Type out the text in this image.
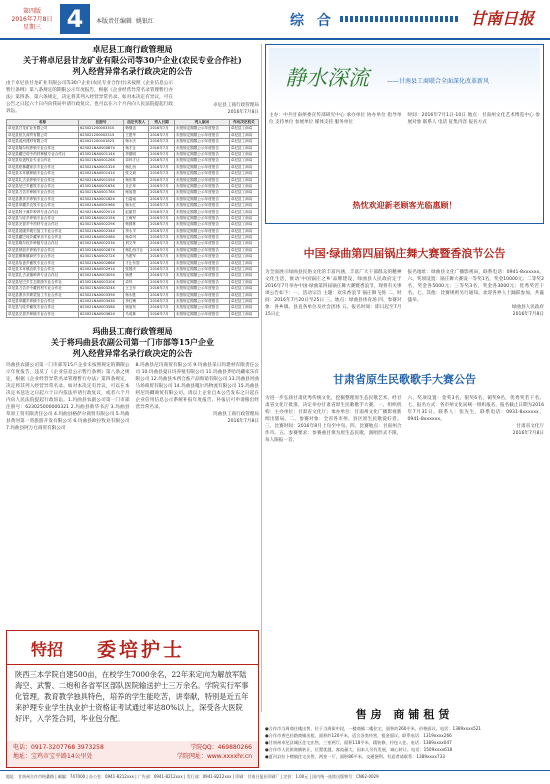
第四版
2016年7月8日
星期三	4	本版责任编辑 姚银红	综 合	甘南日报
卓尼县工商行政管理局
关于将卓尼县甘龙矿业有限公司等30户企业(农民专业合作社)
列入经营异常名录行政决定的公告
由于卓尼县甘龙矿业有限公司等30户企业(农民专业合作社)未按照《企业信息公示暂行条例》第八条规定的期限公示年度报告，根据《企业经营异常名录管理暂行办法》第四条、第六条规定，决定将其列入经营异常名录。如对本决定有异议，可在公告之日起六十日内向我局申请行政复议，也可以在六个月内向人民法院提起行政诉讼。
卓尼县工商行政管理局
2016年7月8日
名称	注册号	法定代表人	列入日期	列入原因	作出决定机关
卓尼县甘龙矿业有限公司	623021200003310	韩继忠	2016年7月	未按规定期限公示年度报告	卓尼县工商局
卓尼县恒久商贸有限公司	623021200002515	王建华	2016年7月	未按规定期限公示年度报告	卓尼县工商局
卓尼县洮河建材有限公司	623021200001823	杨永庆	2016年7月	未按规定期限公示年度报告	卓尼县工商局
卓尼县喀尔钦养殖专业合作社	623021NA000087X	杨才让	2016年7月	未按规定期限公示年度报告	卓尼县工商局
卓尼县藏巴哇中药材种植专业合作社	623021NA000114X	李德明	2016年7月	未按规定期限公示年度报告	卓尼县工商局
卓尼县恰盖牧业专业合作社	623021NA000126X	卓玛才让	2016年7月	未按规定期限公示年度报告	卓尼县工商局
卓尼县柏林藏家乐专业合作社	623021NA000132X	杨扎西	2016年7月	未按规定期限公示年度报告	卓尼县工商局
卓尼县木耳镇种植专业合作社	623021NA000141X	张文斌	2016年7月	未按规定期限公示年度报告	卓尼县工商局
卓尼县扎古录养殖专业合作社	623021NA000155X	杨东珠	2016年7月	未按规定期限公示年度报告	卓尼县工商局
卓尼县尼巴乡畜牧专业合作社	623021NA000163X	旦正草	2016年7月	未按规定期限公示年度报告	卓尼县工商局
卓尼县刀告乡种植专业合作社	623021NA000178X	杨加措	2016年7月	未按规定期限公示年度报告	卓尼县工商局
卓尼县康多乡养殖专业合作社	623021NA000182X	石索南	2016年7月	未按规定期限公示年度报告	卓尼县工商局
卓尼县申藏乡农牧专业合作社	623021NA000196X	杨永红	2016年7月	未按规定期限公示年度报告	卓尼县工商局
卓尼县阿子滩乡种养专业合作社	623021NA000201X	赵丽君	2016年7月	未按规定期限公示年度报告	卓尼县工商局
卓尼县勺哇乡养殖专业合作社	623021NA000215X	王海军	2016年7月	未按规定期限公示年度报告	卓尼县工商局
卓尼县完冒乡中药材专业合作社	623021NA000229X	杨国栋	2016年7月	未按规定期限公示年度报告	卓尼县工商局
卓尼县洮砚乡砚石加工专业合作社	623021NA000234X	李永平	2016年7月	未按规定期限公示年度报告	卓尼县工商局
卓尼县藏巴哇乡藏家乐专业合作社	623021NA000248X	杨卓玛	2016年7月	未按规定期限公示年度报告	卓尼县工商局
卓尼县喀尔钦乡种植专业合作社	623021NA000253X	刘文华	2016年7月	未按规定期限公示年度报告	卓尼县工商局
卓尼县纳浪乡养殖专业合作社	623021NA000267X	杨扎西才让	2016年7月	未按规定期限公示年度报告	卓尼县工商局
卓尼县柳林镇商贸专业合作社	623021NA000272X	马建军	2016年7月	未按规定期限公示年度报告	卓尼县工商局
卓尼县恰盖乡畜牧专业合作社	623021NA000286X	才让东智	2016年7月	未按规定期限公示年度报告	卓尼县工商局
卓尼县木耳镇农机专业合作社	623021NA000291X	张国庆	2016年7月	未按规定期限公示年度报告	卓尼县工商局
卓尼县扎古录镇种养专业合作社	623021NA000305X	杨勇	2016年7月	未按规定期限公示年度报告	卓尼县工商局
卓尼县尼巴乡生态旅游专业合作社	623021NA000310X	卓玛	2016年7月	未按规定期限公示年度报告	卓尼县工商局
卓尼县刀告乡中藏药材专业合作社	623021NA000324X	王卫东	2016年7月	未按规定期限公示年度报告	卓尼县工商局
卓尼县康多乡蕨菜加工专业合作社	623021NA000339X	杨永胜	2016年7月	未按规定期限公示年度报告	卓尼县工商局
卓尼县申藏乡养蜂专业合作社	623021NA000343X	李红梅	2016年7月	未按规定期限公示年度报告	卓尼县工商局
卓尼县勺哇乡畜牧专业合作社	623021NA000358X	杨加布	2016年7月	未按规定期限公示年度报告	卓尼县工商局
卓尼县完冒乡种植专业合作社	623021NA000362X	马成林	2016年7月	未按规定期限公示年度报告	卓尼县工商局
玛曲县工商行政管理局
关于将玛曲县农副公司第一门市部等15户企业
列入经营异常名录行政决定的公告
玛曲县农副公司第一门市部等15户企业未按照规定的期限公示年度报告，违反了《企业信息公示暂行条例》第八条之规定，根据《企业经营异常名录管理暂行办法》第四条规定，决定将其列入经营异常名录。如对本决定有异议，可以在本决定书送达之日起六十日内依法申请行政复议，或者六个月内向人民法院提起行政诉讼。1.玛曲县农副公司第一门市部 注册号：623025000000321 2.玛曲县新华书店 3.玛曲县草原工贸有限责任公司 4.玛曲县格萨尔商贸有限公司 5.玛曲县黄河第一湾旅游开发有限公司 6.玛曲县欧拉牧业有限公司 7.玛曲县阿万仓商贸有限公司
8.玛曲县尼玛商贸有限公司 9.玛曲县采日玛建材有限责任公司 10.玛曲县曼日玛养殖有限公司 11.玛曲县齐哈玛藏家乐有限公司 12.玛曲县木西合畜产品购销有限公司 13.玛曲县河曲马场商贸有限公司 14.玛曲县嘎尔玛物流有限公司 15.玛曲县阿尼玛卿商贸有限公司。请以上企业自本公告发布之日起在企业信用信息公示系统补报年度报告，补报后可申请移出经营异常名录。
玛曲县工商行政管理局
2016年7月8日
特招 委培护士
陕西三本学院自建500亩，在校学生7000余名，22年来定向为解放军陆海空、武警、二炮和各省军区部队医院输送护士三万余名。学院实行军事化管理，教育教学独具特色，培养的学生能吃苦，讲奉献，特别是近五年来护理专业学生执业护士资格证考试通过率达80%以上，深受各大医院好评，入学签合同，毕业包分配。
电话：0917-3207768 3973258	学院QQ：469880266
地址：宝鸡市宝平路14公里处	学院网址：www.xxxxhr.cn
静水深流	——甘南县工商联合全面深化改革新风
主办：中共甘南州委宣传部研究中心 承办单位 协办单位 指导单位 支持单位 参展单位 媒体支持 服务单位
时间：2016年7月1日-10日 地点：甘南州文化艺术博览中心 参展对象 联系人 电话 征集内容 报名方式
热忱欢迎新老顾客光临惠顾！
中国·绿曲第四届锅庄舞大赛暨香浪节公告
为全面展示绿曲县民俗文化的丰富内涵，丰富广大干部群众的精神文化生活，推动‘中国锅庄之乡’品牌建设，绿曲县人民政府定于2016年7月举办中国·绿曲第四届锅庄舞大赛暨香浪节，现将有关事项公告如下：一、活动宗旨 主题：欢乐香浪节 锅庄舞飞扬 二、时间：2016年7月20日至25日 三、地点：绿曲县体育场 四、参赛对象：各乡镇、县直各单位及社会团体 五、报名时间：即日起至7月15日止
报名地址：绿曲县文化广播影视局，联系电话：0941-8xxxxxx。六、奖项设置：锅庄舞大赛设一等奖1名，奖金10000元；二等奖2名，奖金各5000元；三等奖3名，奖金各3000元；优秀奖若干名。七、其他：比赛规则另行通知。欢迎各界人士踊跃参加，共襄盛举。
绿曲县人民政府
2016年7月8日
甘肃省原生民歌歌手大赛公告
为进一步弘扬甘肃优秀传统文化，挖掘整理原生态民歌艺术，经甘肃省文化厅批准，决定举办甘肃省原生民歌歌手大赛。一、组织机构：主办单位：甘肃省文化厅；承办单位：甘南州文化广播影视新闻出版局。二、参赛对象：全省各市州、县区原生民歌爱好者。三、比赛时间：2016年8月上旬至中旬。四、比赛地点：甘南州合作市。五、参赛要求：参赛曲目须为原生态民歌，演唱形式不限，每人限报一首。
六、奖项设置：金奖3名，银奖6名，铜奖9名，优秀奖若干名。七、报名方式：各市州文化局统一组织报名，报名截止日期为2016年7月31日。联系人：张先生，联系电话：0931-8xxxxxx，0941-8xxxxxx。
甘肃省文化厅
2016年7月8日
售房 商铺租赁
●合作市当周商住楼出售，位于当周街中段，一楼商铺二楼住宅，面积约260平米，价格面议。电话：1389xxxx521
●合作市香巴拉路商铺出租，面积约120平米，适合各类经营，租金面议。联系电话：1319xxxx266
●甘南州卓尼县城区住宅出售，三室两厅，面积118平米，精装修，拎包入住。电话：1389xxxx047
●合作市人民街商铺转让，位置优越，客流量大，因本人另有发展，诚心转让。电话：1509xxxx618
●夏河县拉卜楞镇住宅出售，两室一厅，面积86平米，交通便利。有意者请联系：1389xxxx733
地址：甘南州合作市格桑路 | 邮编：747000 | 办公室：0941-8212xxx | 广告部：0941-8212xxx | 发行部：0941-8212xxx | 印刷：甘南日报社印刷厂 | 定价：1.00元 | 国内统一连续出版物号：CN62-0029
